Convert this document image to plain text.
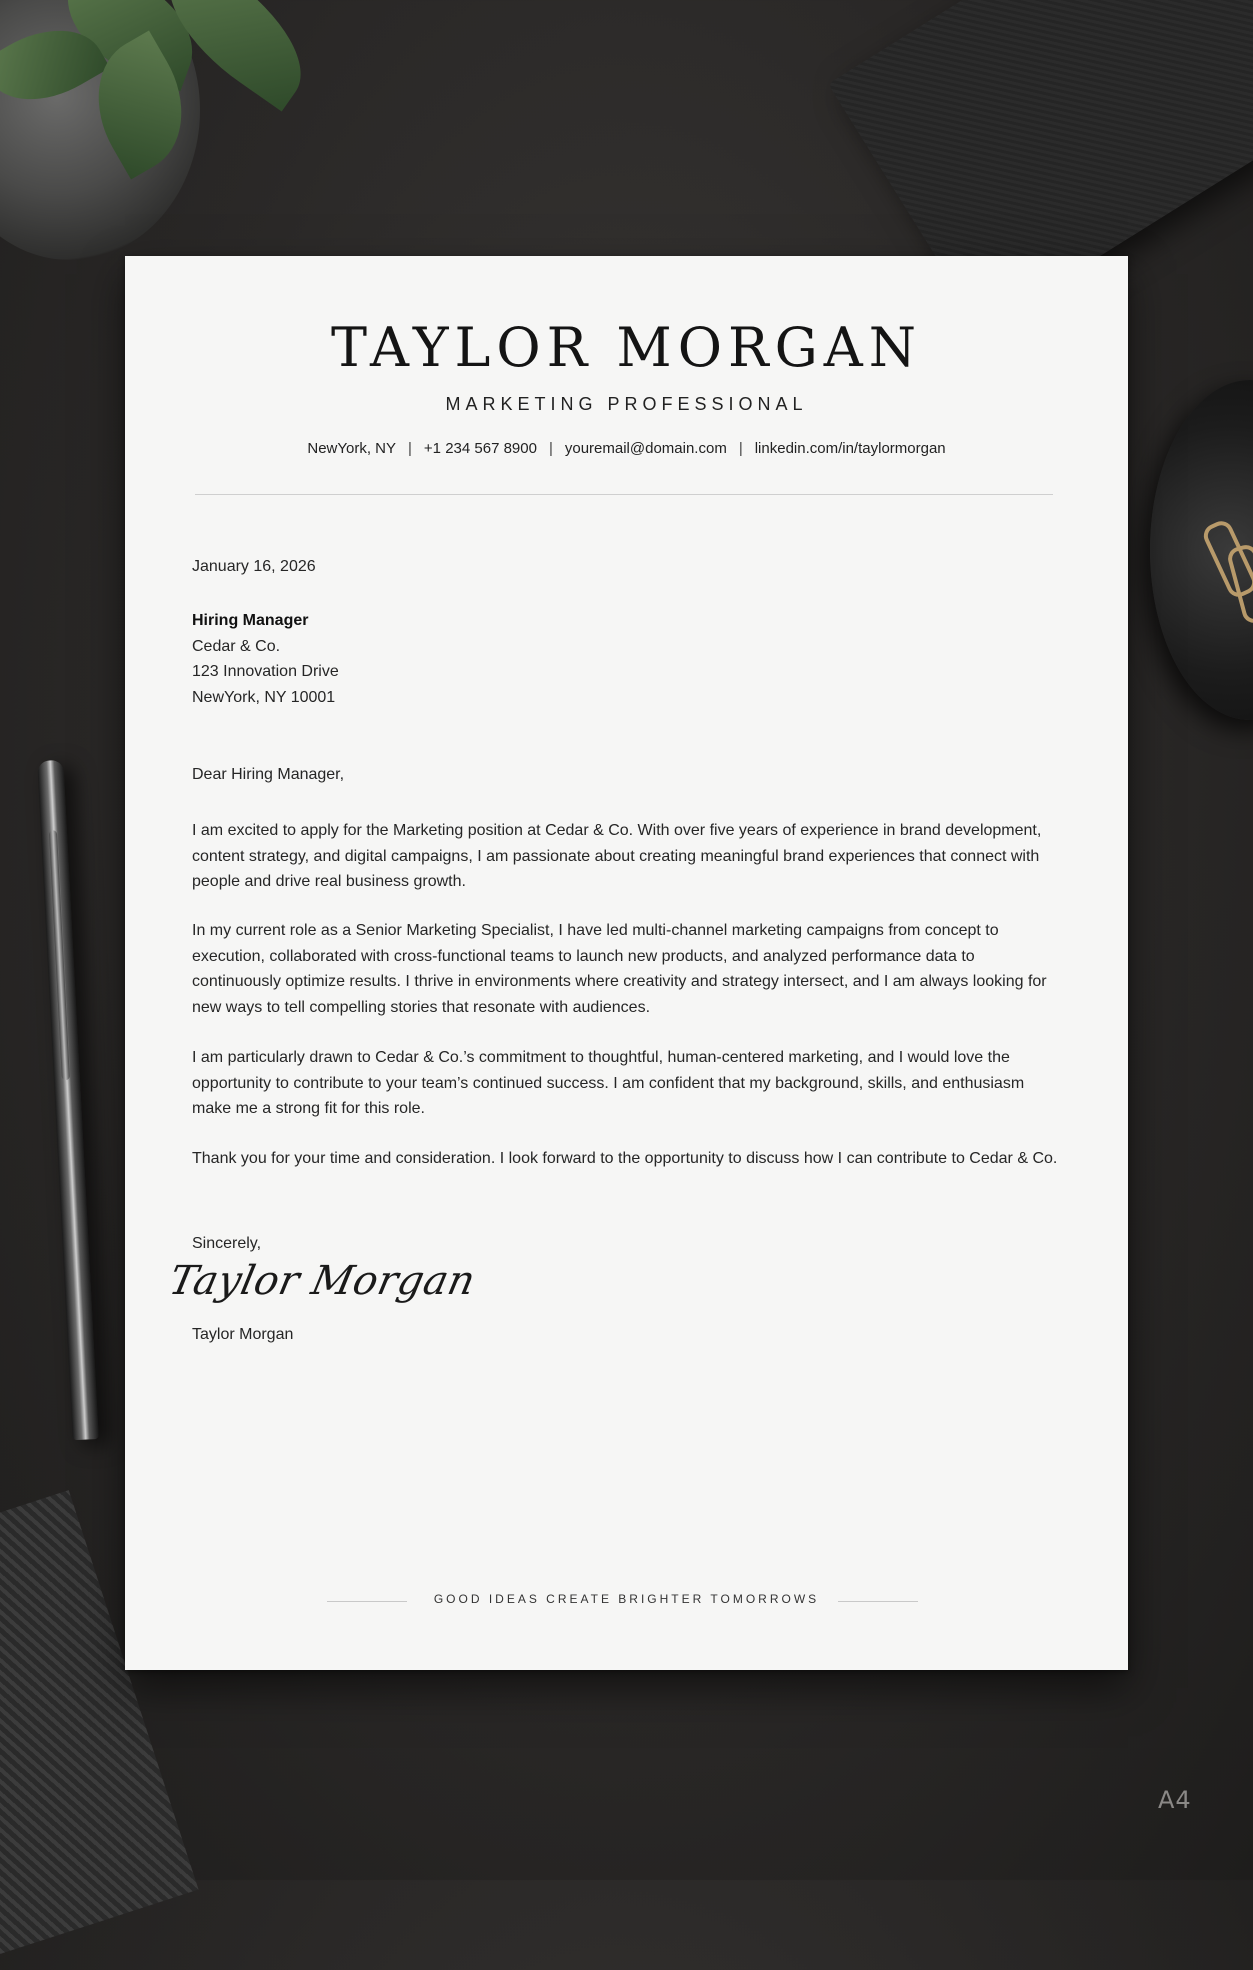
TAYLOR MORGAN
MARKETING PROFESSIONAL
NewYork, NY | +1 234 567 8900 | youremail@domain.com | linkedin.com/in/taylormorgan
January 16, 2026
Hiring Manager
Cedar & Co.
123 Innovation Drive
NewYork, NY 10001
Dear Hiring Manager,
I am excited to apply for the Marketing position at Cedar & Co. With over five years of experience in brand development, content strategy, and digital campaigns, I am passionate about creating meaningful brand experiences that connect with people and drive real business growth.
In my current role as a Senior Marketing Specialist, I have led multi-channel marketing campaigns from concept to execution, collaborated with cross-functional teams to launch new products, and analyzed performance data to continuously optimize results. I thrive in environments where creativity and strategy intersect, and I am always looking for new ways to tell compelling stories that resonate with audiences.
I am particularly drawn to Cedar & Co.’s commitment to thoughtful, human-centered marketing, and I would love the opportunity to contribute to your team’s continued success. I am confident that my background, skills, and enthusiasm make me a strong fit for this role.
Thank you for your time and consideration. I look forward to the opportunity to discuss how I can contribute to Cedar & Co.
Sincerely,
Taylor Morgan
Taylor Morgan
GOOD IDEAS CREATE BRIGHTER TOMORROWS
A4
